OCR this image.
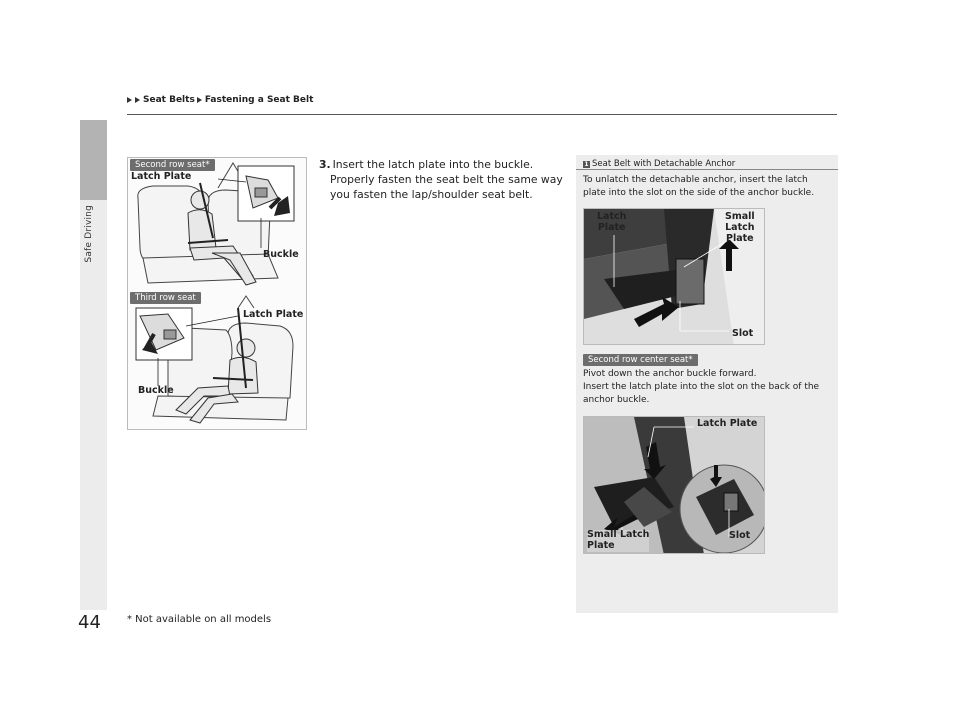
Seat Belts Fastening a Seat Belt
Safe Driving
Second row seat*
Latch Plate
Buckle
Third row seat
Latch Plate
Buckle
3. Insert the latch plate into the buckle.
Properly fasten the seat belt the same way
you fasten the lap/shoulder seat belt.
1 Seat Belt with Detachable Anchor
To unlatch the detachable anchor, insert the latch
plate into the slot on the side of the anchor buckle.
Latch
Plate
Small
Latch
Plate
Slot
Second row center seat*
Pivot down the anchor buckle forward.
Insert the latch plate into the slot on the back of the
anchor buckle.
Latch Plate
Small Latch
Plate
Slot
44	* Not available on all models
